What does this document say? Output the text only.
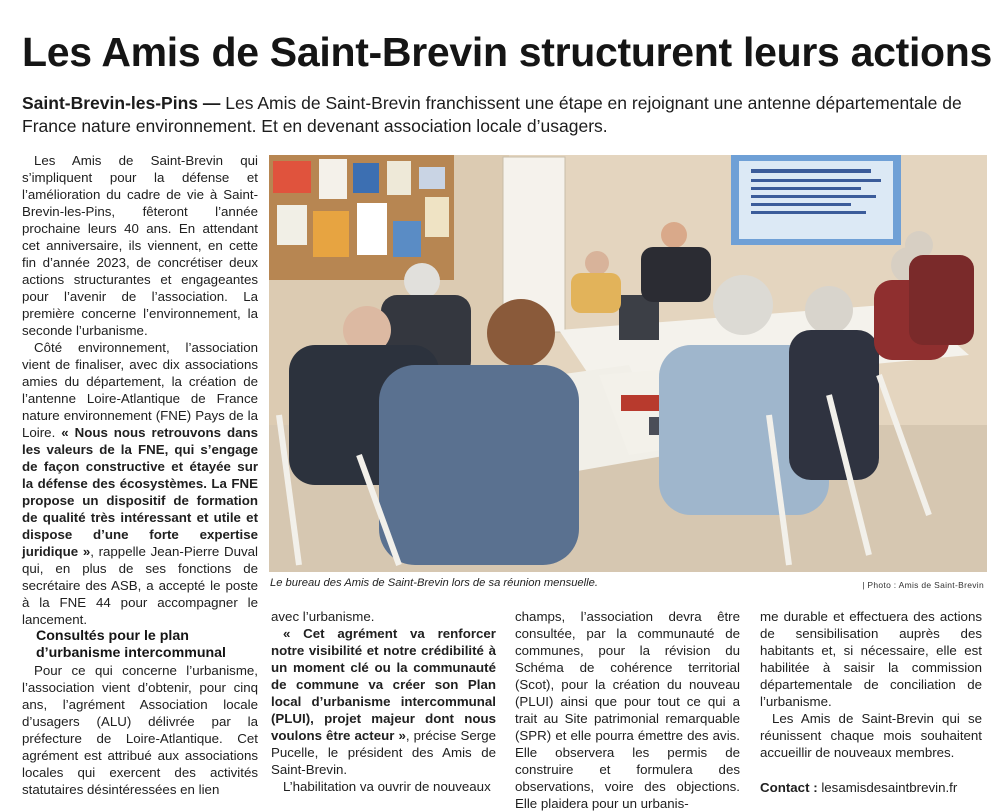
Les Amis de Saint-Brevin structurent leurs actions

Saint-Brevin-les-Pins — Les Amis de Saint-Brevin franchissent une étape en rejoignant une antenne départementale de France nature environnement. Et en devenant association locale d’usagers.

Les Amis de Saint-Brevin qui s’impliquent pour la défense et l’amélioration du cadre de vie à Saint-Brevin-les-Pins, fêteront l’année prochaine leurs 40 ans. En attendant cet anniversaire, ils viennent, en cette fin d’année 2023, de concrétiser deux actions structurantes et engageantes pour l’avenir de l’association. La première concerne l’environnement, la seconde l’urbanisme.

Côté environnement, l’association vient de finaliser, avec dix associations amies du département, la création de l’antenne Loire-Atlantique de France nature environnement (FNE) Pays de la Loire. « Nous nous retrouvons dans les valeurs de la FNE, qui s’engage de façon constructive et étayée sur la défense des écosystèmes. La FNE propose un dispositif de formation de qualité très intéressant et utile et dispose d’une forte expertise juridique », rappelle Jean-Pierre Duval qui, en plus de ses fonctions de secrétaire des ASB, a accepté le poste à la FNE 44 pour accompagner le lancement.

Consultés pour le plan d’urbanisme intercommunal

Pour ce qui concerne l’urbanisme, l’association vient d’obtenir, pour cinq ans, l’agrément Association locale d’usagers (ALU) délivrée par la préfecture de Loire-Atlantique. Cet agrément est attribué aux associations locales qui exercent des activités statutaires désintéressées en lien

Le bureau des Amis de Saint-Brevin lors de sa réunion mensuelle.	| Photo : Amis de Saint-Brevin

avec l’urbanisme.

« Cet agrément va renforcer notre visibilité et notre crédibilité à un moment clé ou la communauté de commune va créer son Plan local d’urbanisme intercommunal (PLUI), projet majeur dont nous voulons être acteur », précise Serge Pucelle, le président des Amis de Saint-Brevin.

L’habilitation va ouvrir de nouveaux

champs, l’association devra être consultée, par la communauté de communes, pour la révision du Schéma de cohérence territorial (Scot), pour la création du nouveau (PLUI) ainsi que pour tout ce qui a trait au Site patrimonial remarquable (SPR) et elle pourra émettre des avis. Elle observera les permis de construire et formulera des observations, voire des objections. Elle plaidera pour un urbanis-

me durable et effectuera des actions de sensibilisation auprès des habitants et, si nécessaire, elle est habilitée à saisir la commission départementale de conciliation de l’urbanisme.

Les Amis de Saint-Brevin qui se réunissent chaque mois souhaitent accueillir de nouveaux membres.

Contact : lesamisdesaintbrevin.fr
